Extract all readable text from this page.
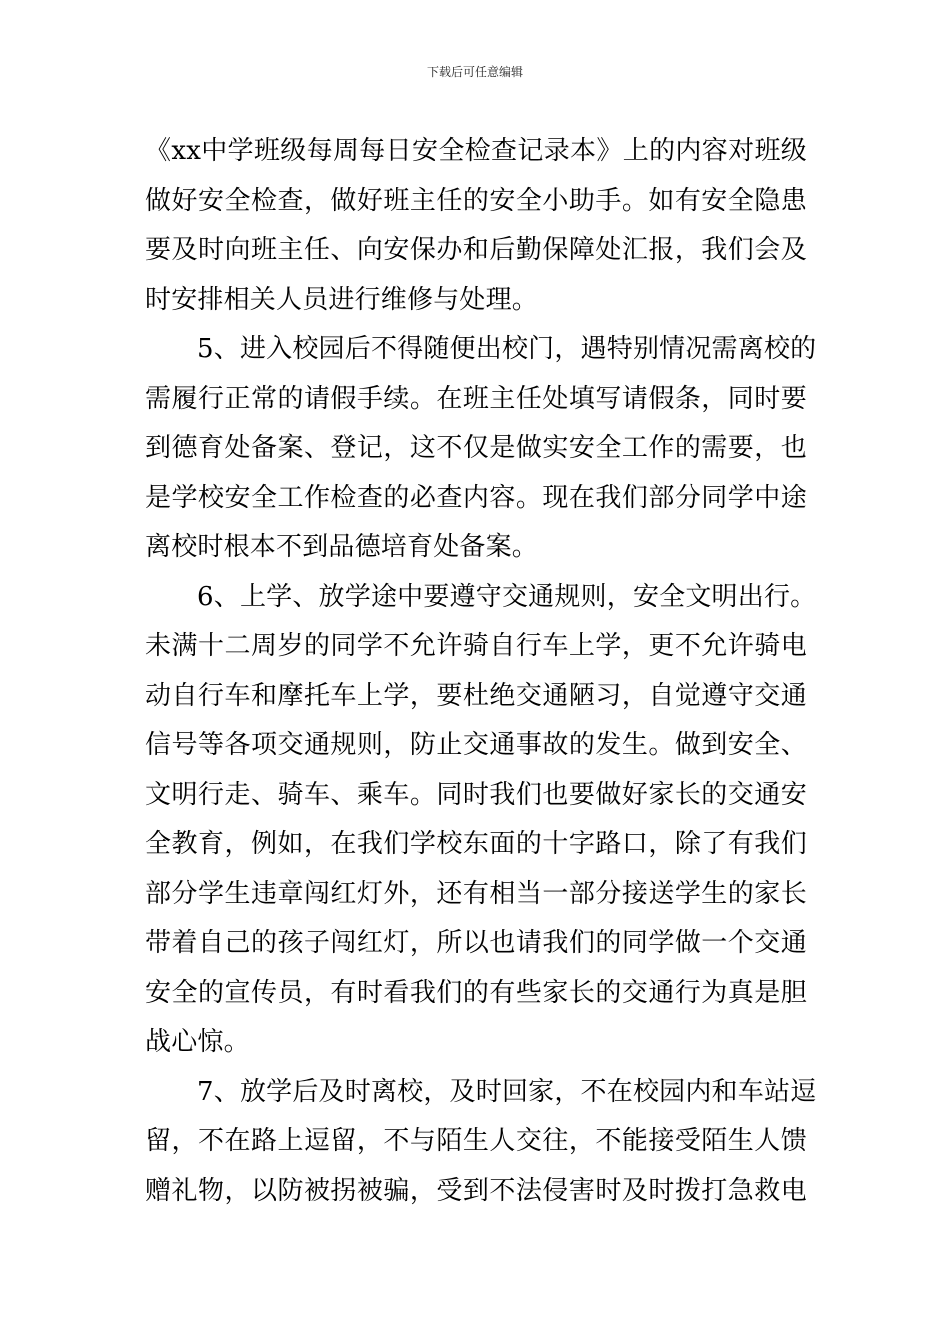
下载后可任意编辑

《xx中学班级每周每日安全检查记录本》上的内容对班级
做好安全检查，做好班主任的安全小助手。如有安全隐患
要及时向班主任、向安保办和后勤保障处汇报，我们会及
时安排相关人员进行维修与处理。

5、进入校园后不得随便出校门，遇特别情况需离校的
需履行正常的请假手续。在班主任处填写请假条，同时要
到德育处备案、登记，这不仅是做实安全工作的需要，也
是学校安全工作检查的必查内容。现在我们部分同学中途
离校时根本不到品德培育处备案。

6、上学、放学途中要遵守交通规则，安全文明出行。
未满十二周岁的同学不允许骑自行车上学，更不允许骑电
动自行车和摩托车上学，要杜绝交通陋习，自觉遵守交通
信号等各项交通规则，防止交通事故的发生。做到安全、
文明行走、骑车、乘车。同时我们也要做好家长的交通安
全教育，例如，在我们学校东面的十字路口，除了有我们
部分学生违章闯红灯外，还有相当一部分接送学生的家长
带着自己的孩子闯红灯，所以也请我们的同学做一个交通
安全的宣传员，有时看我们的有些家长的交通行为真是胆
战心惊。

7、放学后及时离校，及时回家，不在校园内和车站逗
留，不在路上逗留，不与陌生人交往，不能接受陌生人馈
赠礼物，以防被拐被骗，受到不法侵害时及时拨打急救电
